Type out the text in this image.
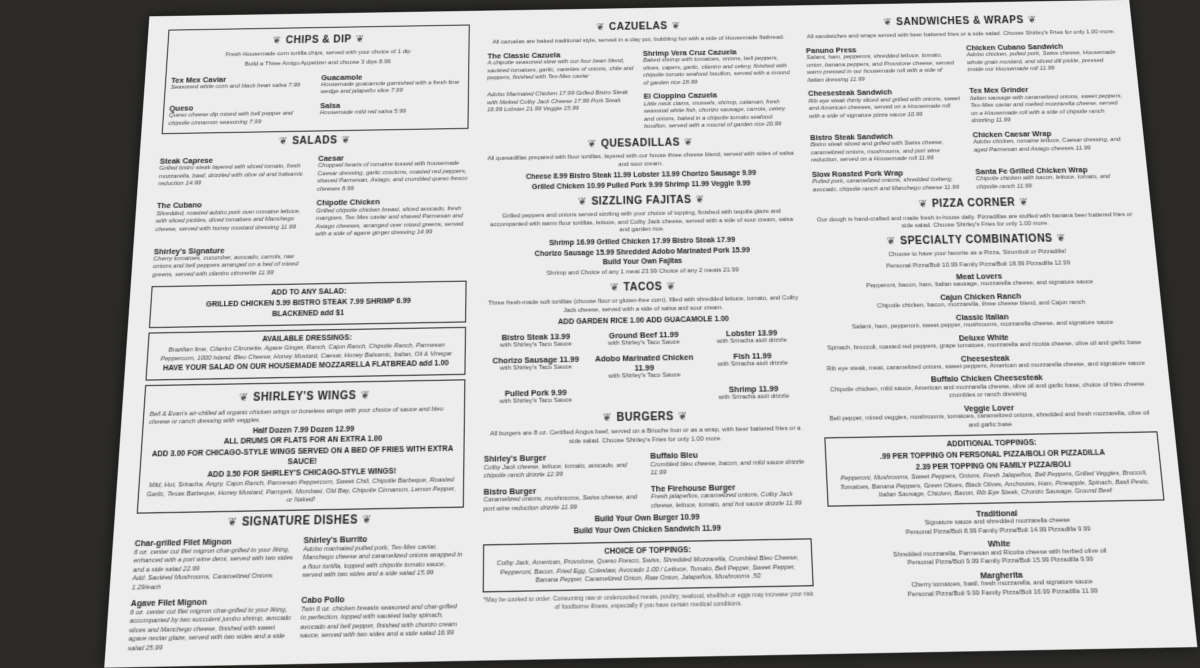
❦ CHIPS & DIP ❦
Fresh Housemade corn tortilla chips, served with your choice of 1 dip
Build a Three Amigo Appetizer and choose 3 dips 8.99
Tex Mex Caviar
Seasoned white corn and black bean salsa 7.99
Guacamole
Housemade guacamole garnished with a fresh lime wedge and jalapeño slice 7.99
Queso
Queso cheese dip mixed with bell pepper and chipotle cinnamon seasoning 7.99
Salsa
Housemade mild red salsa 5.99
❦ SALADS ❦
Steak Caprese
Grilled bistro steak layered with sliced tomato, fresh mozzarella, basil, drizzled with olive oil and balsamic reduction 14.99
Caesar
Chopped hearts of romaine tossed with housemade Caesar dressing, garlic croutons, roasted red peppers, shaved Parmesan, Asiago, and crumbled queso fresco cheeses 8.99
The Cubano
Shredded, roasted adobo pork over romaine lettuce, with sliced pickles, diced tomatoes and Manchego cheese, served with honey mustard dressing 11.99
Chipotle Chicken
Grilled chipotle chicken breast, sliced avocado, fresh mangoes, Tex Mex caviar and shaved Parmesan and Asiago cheeses, arranged over mixed greens, served with a side of agave ginger dressing 14.99
Shirley's Signature
Cherry tomatoes, cucumber, avocado, carrots, raw onions and bell peppers arranged on a bed of mixed greens, served with cilantro citronette 11.99
ADD TO ANY SALAD:
GRILLED CHICKEN 5.99 BISTRO STEAK 7.99 SHRIMP 6.99
BLACKENED add $1
AVAILABLE DRESSINGS:
Brazilian lime, Cilantro Citronette, Agave Ginger, Ranch, Cajun Ranch, Chipotle Ranch, Parmesan Peppercorn, 1000 Island, Bleu Cheese, Honey Mustard, Caesar, Honey Balsamic, Italian, Oil & Vinegar
HAVE YOUR SALAD ON OUR HOUSEMADE MOZZARELLA FLATBREAD add 1.00
❦ SHIRLEY'S WINGS ❦
Bell & Evan's air-chilled all organic chicken wings or boneless wings with your choice of sauce and bleu cheese or ranch dressing with veggies.
Half Dozen 7.99 Dozen 12.99
ALL DRUMS OR FLATS FOR AN EXTRA 1.00
ADD 3.00 FOR CHICAGO-STYLE WINGS SERVED ON A BED OF FRIES WITH EXTRA SAUCE!
ADD 3.50 FOR SHIRLEY'S CHICAGO-STYLE WINGS!
Mild, Hot, Sriracha, Angry, Cajun Ranch, Parmesan Peppercorn, Sweet Chili, Chipotle Barbeque, Roasted Garlic, Texas Barbeque, Honey Mustard, Parmjerk, Mombasi, Old Bay, Chipotle Cinnamon, Lemon Pepper, or Naked!
❦ SIGNATURE DISHES ❦
Char-grilled Filet Mignon
6 oz. center cut filet mignon char-grilled to your liking, enhanced with a port wine demi, served with two sides and a side salad 22.99
Add: Sautéed Mushrooms, Caramelized Onions 1.29/each
Shirley's Burrito
Adobo marinated pulled pork, Tex-Mex caviar, Manchego cheese and caramelized onions wrapped in a flour tortilla, topped with chipotle tomato sauce, served with two sides and a side salad 15.99
Agave Filet Mignon
6 oz. center cut filet mignon char-grilled to your liking, accompanied by two succulent jumbo shrimp, avocado slices and Manchego cheese, finished with sweet agave nectar glaze, served with two sides and a side salad 25.99
Cabo Pollo
Twin 6 oz. chicken breasts seasoned and char-grilled to perfection, topped with sautéed baby spinach, avocado and bell pepper, finished with chorizo cream sauce, served with two sides and a side salad 16.99
❦ CAZUELAS ❦
All cazuelas are baked traditional style, served in a clay pot, bubbling hot with a side of Housemade flatbread.
The Classic Cazuela
A chipotle seasoned stew with our four bean blend, sautéed tomatoes, garlic, varieties of onions, chile and peppers, finished with Tex-Mex caviar
Shrimp Vera Cruz Cazuela
Baked shrimp with tomatoes, onions, bell peppers, olives, capers, garlic, cilantro and celery, finished with chipotle tomato seafood bouillon, served with a mound of garden rice 18.99
Adobo Marinated Chicken 17.99 Grilled Bistro Steak with Melted Colby Jack Cheese 17.99 Pork Steak 16.99 Lobster 21.99 Veggie 15.99
El Cioppino Cazuela
Little neck clams, mussels, shrimp, calamari, fresh seasonal white fish, chorizo sausage, carrots, celery and onions, baked in a chipotle tomato seafood bouillon, served with a mound of garden rice 20.99
❦ QUESADILLAS ❦
All quesadillas prepared with flour tortillas, layered with our house three cheese blend, served with sides of salsa and sour cream.
Cheese 8.99 Bistro Steak 11.99 Lobster 13.99 Chorizo Sausage 9.99
Grilled Chicken 10.99 Pulled Pork 9.99 Shrimp 11.99 Veggie 9.99
❦ SIZZLING FAJITAS ❦
Grilled peppers and onions served sizzling with your choice of topping, finished with tequila glaze and accompanied with warm flour tortillas, lettuce, and Colby Jack cheese, served with a side of sour cream, salsa and garden rice.
Shrimp 16.99 Grilled Chicken 17.99 Bistro Steak 17.99
Chorizo Sausage 15.99 Shredded Adobo Marinated Pork 15.99
Build Your Own Fajitas
Shrimp and Choice of any 1 meat 23.99 Choice of any 2 meats 21.99
❦ TACOS ❦
Three fresh-made soft tortillas (choose flour or gluten-free corn), filled with shredded lettuce, tomato, and Colby Jack cheese, served with a side of salsa and sour cream.
ADD GARDEN RICE 1.00 ADD GUACAMOLE 1.00
Bistro Steak 13.99
with Shirley's Taco Sauce
Ground Beef 11.99
with Shirley's Taco Sauce
Lobster 13.99
with Sriracha aioli drizzle
Chorizo Sausage 11.99
with Shirley's Taco Sauce
Adobo Marinated Chicken 11.99
with Shirley's Taco Sauce
Fish 11.99
with Sriracha aioli drizzle
Pulled Pork 9.99
with Shirley's Taco Sauce
Shrimp 11.99
with Sriracha aioli drizzle
❦ BURGERS ❦
All burgers are 8 oz. Certified Angus beef, served on a Brioche bun or as a wrap, with beer battered fries or a side salad. Choose Shirley's Fries for only 1.00 more.
Shirley's Burger
Colby Jack cheese, lettuce, tomato, avocado, and chipotle ranch drizzle 12.99
Buffalo Bleu
Crumbled bleu cheese, bacon, and mild sauce drizzle 11.99
Bistro Burger
Caramelized onions, mushrooms, Swiss cheese, and port wine reduction drizzle 11.99
The Firehouse Burger
Fresh jalapeños, caramelized onions, Colby Jack cheese, lettuce, tomato, and hot sauce drizzle 11.99
Build Your Own Burger 10.99
Build Your Own Chicken Sandwich 11.99
CHOICE OF TOPPINGS:
Colby Jack, American, Provolone, Queso Fresco, Swiss, Shredded Mozzarella, Crumbled Bleu Cheese, Pepperoni, Bacon, Fried Egg, Coleslaw, Avocado 1.00 / Lettuce, Tomato, Bell Pepper, Sweet Pepper, Banana Pepper, Caramelized Onion, Raw Onion, Jalapeños, Mushrooms .50
*May be cooked to order. Consuming raw or undercooked meats, poultry, seafood, shellfish or eggs may increase your risk of foodborne illness, especially if you have certain medical conditions.
❦ SANDWICHES & WRAPS ❦
All sandwiches and wraps served with beer battered fries or a side salad. Choose Shirley's Fries for only 1.00 more.
Panuno Press
Salami, ham, pepperoni, shredded lettuce, tomato, onion, banana peppers, and Provolone cheese, served warm pressed in our housemade roll with a side of Italian dressing 11.99
Chicken Cubano Sandwich
Adobo chicken, pulled pork, Swiss cheese, Housemade whole grain mustard, and sliced dill pickle, pressed inside our Housemade roll 11.99
Cheesesteak Sandwich
Rib eye steak thinly sliced and grilled with onions, sweet and American cheeses, served on a Housemade roll with a side of signature pizza sauce 10.99
Tex Mex Grinder
Italian sausage with caramelized onions, sweet peppers, Tex-Mex caviar and melted mozzarella cheese, served on a Housemade roll with a side of chipotle ranch drizzling 11.99
Bistro Steak Sandwich
Bistro steak sliced and grilled with Swiss cheese, caramelized onions, mushrooms, and port wine reduction, served on a Housemade roll 11.99
Chicken Caesar Wrap
Adobo chicken, romaine lettuce, Caesar dressing, and aged Parmesan and Asiago cheeses 11.99
Slow Roasted Pork Wrap
Pulled pork, caramelized onions, shredded iceberg, avocado, chipotle ranch and Manchego cheese 11.99
Santa Fe Grilled Chicken Wrap
Chipotle chicken with bacon, lettuce, tomato, and chipotle ranch 11.99
❦ PIZZA CORNER ❦
Our dough is hand-crafted and made fresh in-house daily. Pizzadillas are stuffed with banana beer battered fries or side salad. Choose Shirley's Fries for only 1.00 more.
❦ SPECIALTY COMBINATIONS ❦
Choose to have your favorite as a Pizza, Stromboli or Pizzadilla!
Personal Pizza/Boli 10.99 Family Pizza/Boli 18.99 Pizzadilla 12.99
Meat Lovers
Pepperoni, bacon, ham, Italian sausage, mozzarella cheese, and signature sauce
Cajun Chicken Ranch
Chipotle chicken, bacon, mozzarella, three cheese blend, and Cajun ranch
Classic Italian
Salami, ham, pepperoni, sweet pepper, mushrooms, mozzarella cheese, and signature sauce
Deluxe White
Spinach, broccoli, roasted red peppers, grape tomatoes, mozzarella and ricotta cheese, olive oil and garlic base
Cheesesteak
Rib eye steak, meat, caramelized onions, sweet peppers, American and mozzarella cheese, and signature sauce
Buffalo Chicken Cheesesteak
Chipotle chicken, mild sauce, American and mozzarella cheese, olive oil and garlic base, choice of bleu cheese crumbles or ranch dressing
Veggie Lover
Bell pepper, mixed veggies, mushrooms, tomatoes, caramelized onions, shredded and fresh mozzarella, olive oil and garlic base
ADDITIONAL TOPPINGS:
.99 PER TOPPING ON PERSONAL PIZZA/BOLI OR PIZZADILLA
2.39 PER TOPPING ON FAMILY PIZZA/BOLI
Pepperoni, Mushrooms, Sweet Peppers, Onions, Fresh Jalapeños, Bell Peppers, Grilled Veggies, Broccoli, Tomatoes, Banana Peppers, Green Olives, Black Olives, Anchovies, Ham, Pineapple, Spinach, Basil Pesto, Italian Sausage, Chicken, Bacon, Rib Eye Steak, Chorizo Sausage, Ground Beef
Traditional
Signature sauce and shredded mozzarella cheese
Personal Pizza/Boli 8.99 Family Pizza/Boli 14.99 Pizzadilla 9.99
White
Shredded mozzarella, Parmesan and Ricotta cheese with herbed olive oil
Personal Pizza/Boli 9.99 Family Pizza/Boli 15.99 Pizzadilla 9.99
Margherita
Cherry tomatoes, basil, fresh mozzarella, and signature sauce
Personal Pizza/Boli 9.99 Family Pizza/Boli 16.99 Pizzadilla 11.99
